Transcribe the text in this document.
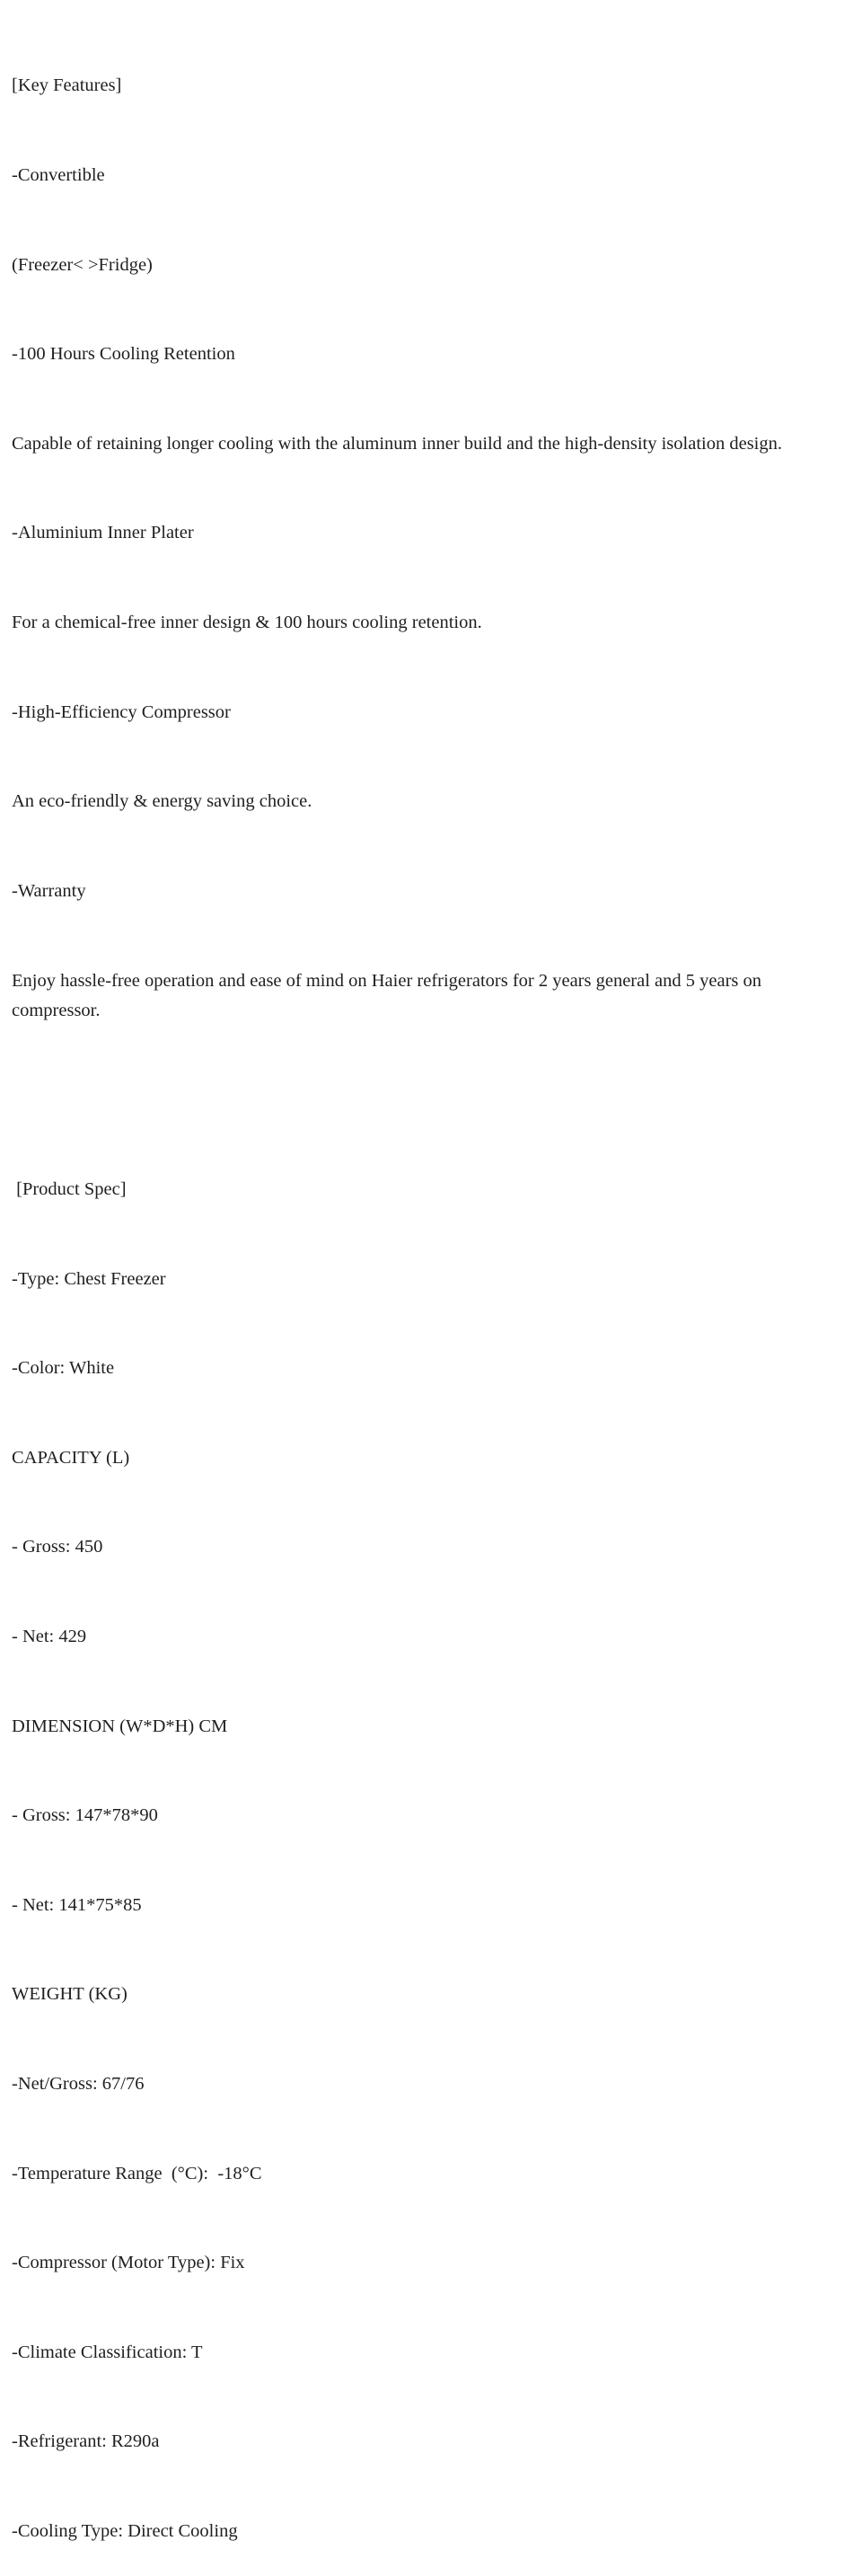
[Key Features]

-Convertible

(Freezer< >Fridge)

-100 Hours Cooling Retention

Capable of retaining longer cooling with the aluminum inner build and the high-density isolation design.

-Aluminium Inner Plater

For a chemical-free inner design & 100 hours cooling retention.

-High-Efficiency Compressor

An eco-friendly & energy saving choice.

-Warranty

Enjoy hassle-free operation and ease of mind on Haier refrigerators for 2 years general and 5 years on compressor.

[Product Spec]

-Type: Chest Freezer

-Color: White

CAPACITY (L)

- Gross: 450

- Net: 429

DIMENSION (W*D*H) CM

- Gross: 147*78*90

- Net: 141*75*85

WEIGHT (KG)

-Net/Gross: 67/76

-Temperature Range  (°C):  -18°C

-Compressor (Motor Type): Fix

-Climate Classification: T

-Refrigerant: R290a

-Cooling Type: Direct Cooling
